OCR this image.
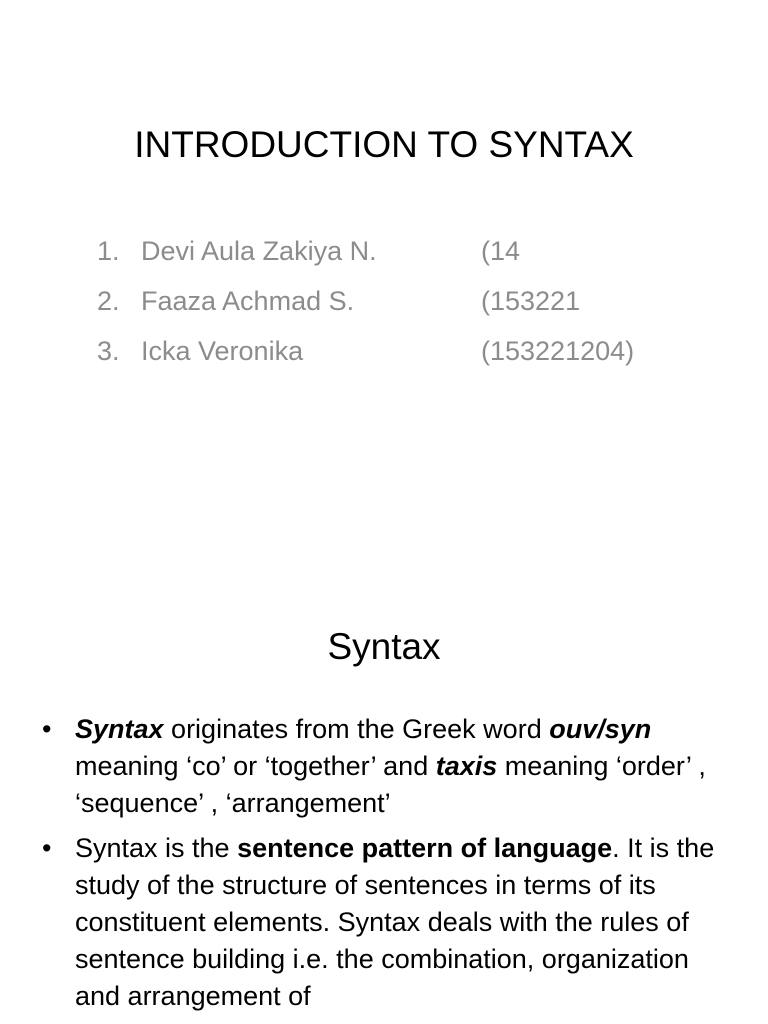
INTRODUCTION TO SYNTAX
1. Devi Aula Zakiya N.	(14
2. Faaza Achmad S.	(153221
3. Icka Veronika	(153221204)
Syntax
• Syntax originates from the Greek word ouv/syn meaning ‘co’ or ‘together’ and taxis meaning ‘order’ , ‘sequence’ , ‘arrangement’
• Syntax is the sentence pattern of language. It is the study of the structure of sentences in terms of its constituent elements. Syntax deals with the rules of sentence building i.e. the combination, organization and arrangement of
